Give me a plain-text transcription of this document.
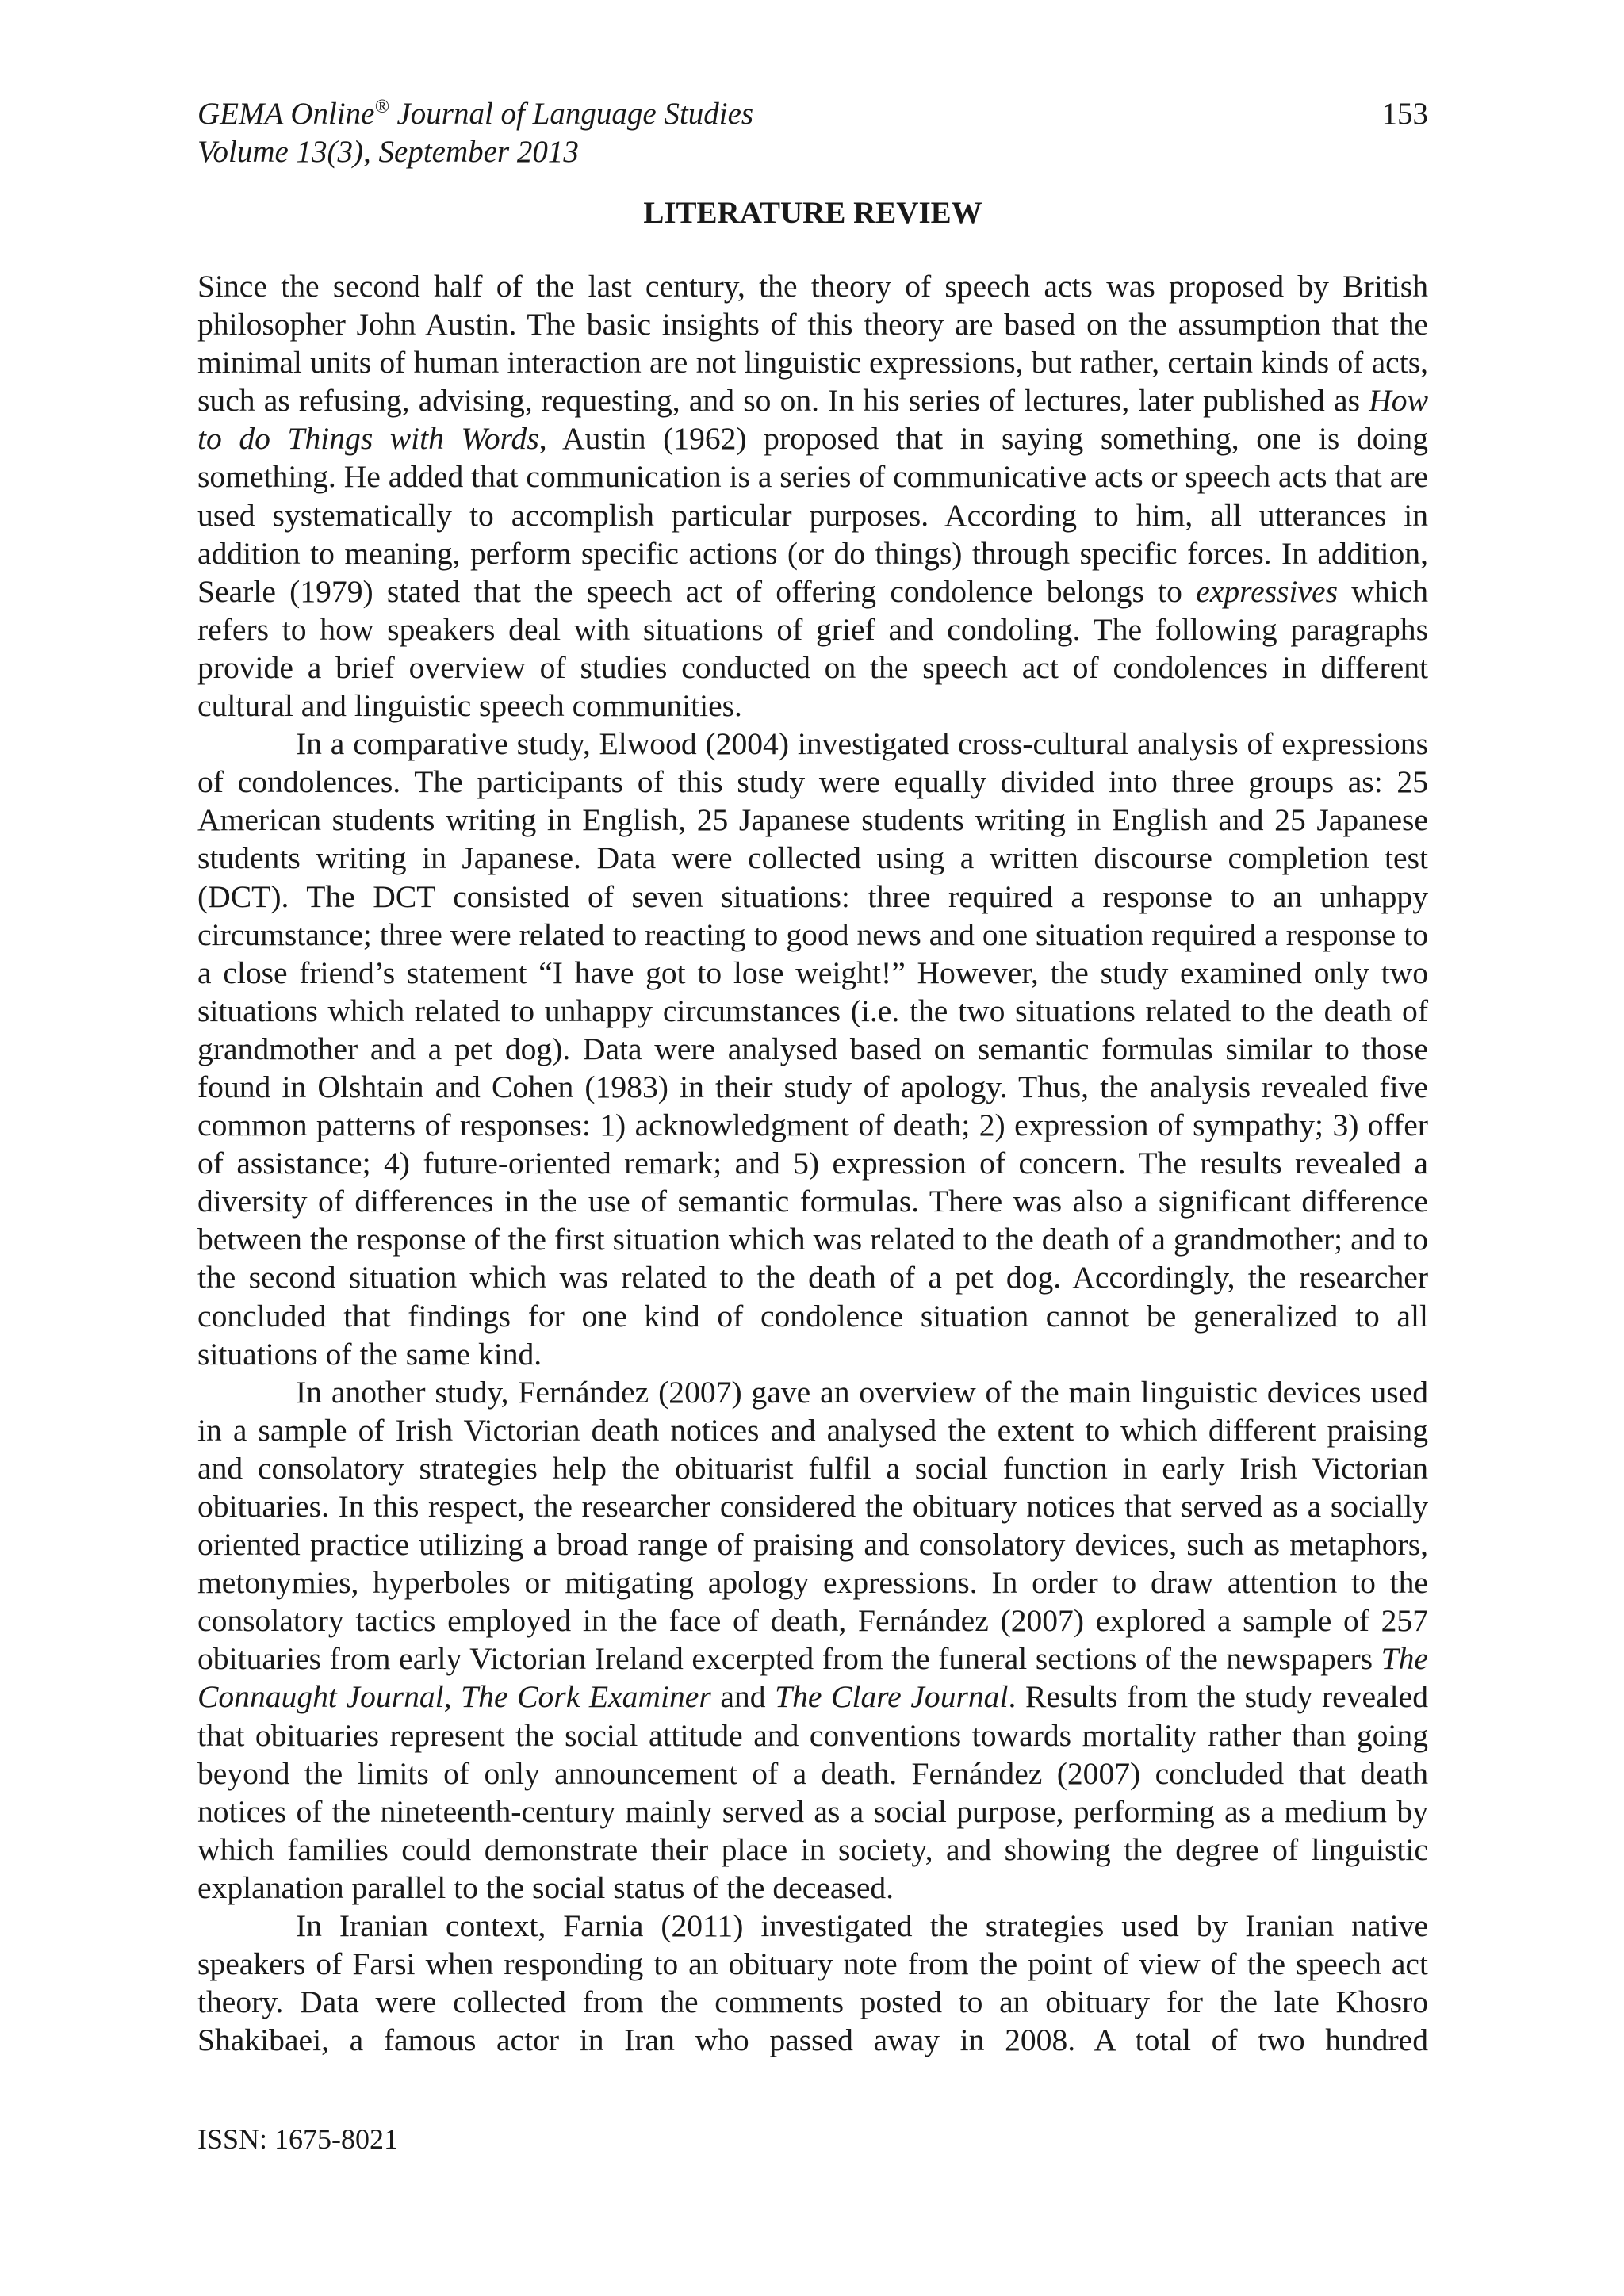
GEMA Online® Journal of Language Studies	153
Volume 13(3), September 2013
LITERATURE REVIEW

Since the second half of the last century, the theory of speech acts was proposed by British philosopher John Austin. The basic insights of this theory are based on the assumption that the minimal units of human interaction are not linguistic expressions, but rather, certain kinds of acts, such as refusing, advising, requesting, and so on. In his series of lectures, later published as How to do Things with Words, Austin (1962) proposed that in saying something, one is doing something. He added that communication is a series of communicative acts or speech acts that are used systematically to accomplish particular purposes. According to him, all utterances in addition to meaning, perform specific actions (or do things) through specific forces. In addition, Searle (1979) stated that the speech act of offering condolence belongs to expressives which refers to how speakers deal with situations of grief and condoling. The following paragraphs provide a brief overview of studies conducted on the speech act of condolences in different cultural and linguistic speech communities.

In a comparative study, Elwood (2004) investigated cross-cultural analysis of expressions of condolences. The participants of this study were equally divided into three groups as: 25 American students writing in English, 25 Japanese students writing in English and 25 Japanese students writing in Japanese. Data were collected using a written discourse completion test (DCT). The DCT consisted of seven situations: three required a response to an unhappy circumstance; three were related to reacting to good news and one situation required a response to a close friend’s statement “I have got to lose weight!” However, the study examined only two situations which related to unhappy circumstances (i.e. the two situations related to the death of grandmother and a pet dog). Data were analysed based on semantic formulas similar to those found in Olshtain and Cohen (1983) in their study of apology. Thus, the analysis revealed five common patterns of responses: 1) acknowledgment of death; 2) expression of sympathy; 3) offer of assistance; 4) future-oriented remark; and 5) expression of concern. The results revealed a diversity of differences in the use of semantic formulas. There was also a significant difference between the response of the first situation which was related to the death of a grandmother; and to the second situation which was related to the death of a pet dog. Accordingly, the researcher concluded that findings for one kind of condolence situation cannot be generalized to all situations of the same kind.

In another study, Fernández (2007) gave an overview of the main linguistic devices used in a sample of Irish Victorian death notices and analysed the extent to which different praising and consolatory strategies help the obituarist fulfil a social function in early Irish Victorian obituaries. In this respect, the researcher considered the obituary notices that served as a socially oriented practice utilizing a broad range of praising and consolatory devices, such as metaphors, metonymies, hyperboles or mitigating apology expressions. In order to draw attention to the consolatory tactics employed in the face of death, Fernández (2007) explored a sample of 257 obituaries from early Victorian Ireland excerpted from the funeral sections of the newspapers The Connaught Journal, The Cork Examiner and The Clare Journal. Results from the study revealed that obituaries represent the social attitude and conventions towards mortality rather than going beyond the limits of only announcement of a death. Fernández (2007) concluded that death notices of the nineteenth-century mainly served as a social purpose, performing as a medium by which families could demonstrate their place in society, and showing the degree of linguistic explanation parallel to the social status of the deceased.

In Iranian context, Farnia (2011) investigated the strategies used by Iranian native speakers of Farsi when responding to an obituary note from the point of view of the speech act theory. Data were collected from the comments posted to an obituary for the late Khosro Shakibaei, a famous actor in Iran who passed away in 2008. A total of two hundred

ISSN: 1675-8021
